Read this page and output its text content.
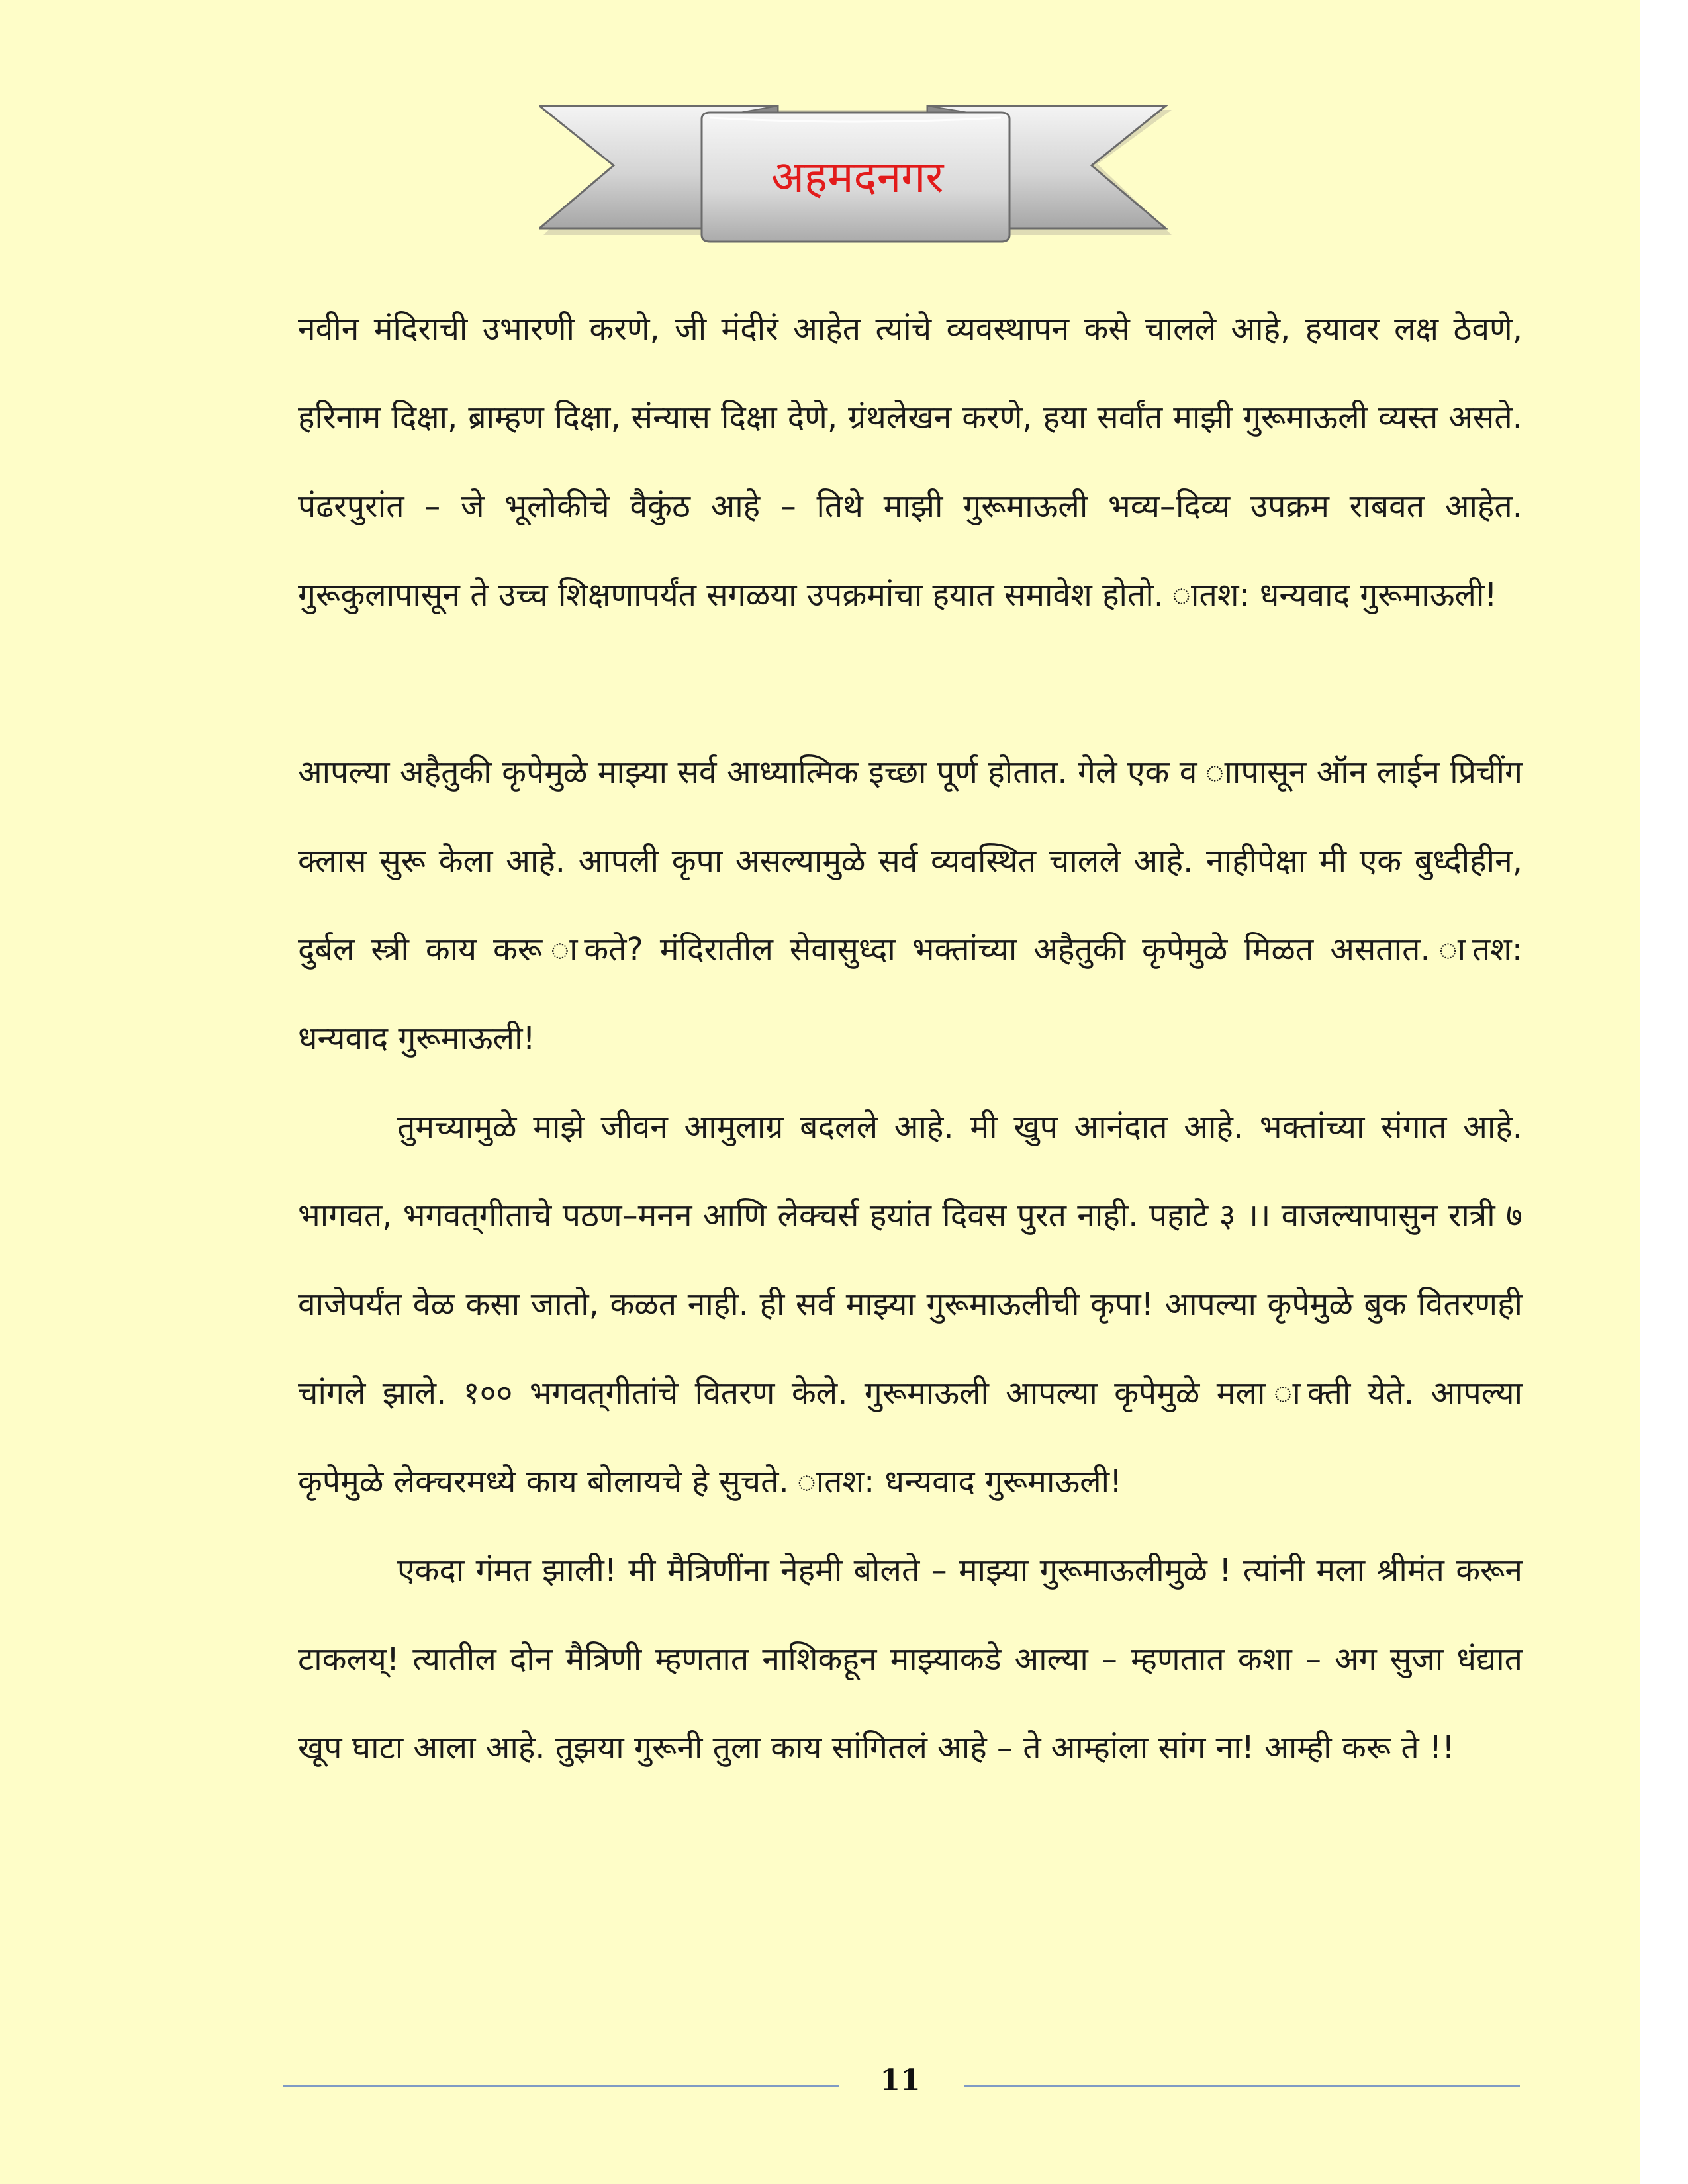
अहमदनगर

नवीन मंदिराची उभारणी करणे, जी मंदीरं आहेत त्यांचे व्यवस्थापन कसे चालले आहे, हयावर लक्ष ठेवणे, हरिनाम दिक्षा, ब्राम्हण दिक्षा, संन्यास दिक्षा देणे, ग्रंथलेखन करणे, हया सर्वांत माझी गुरूमाऊली व्यस्त असते. पंढरपुरांत – जे भूलोकीचे वैकुंठ आहे – तिथे माझी गुरूमाऊली भव्य–दिव्य उपक्रम राबवत आहेत. गुरूकुलापासून ते उच्च शिक्षणापर्यंत सगळया उपक्रमांचा हयात समावेश होतो. ातश: धन्यवाद गुरूमाऊली!

आपल्या अहैतुकी कृपेमुळे माझ्या सर्व आध्यात्मिक इच्छा पूर्ण होतात. गेले एक व ाापासून ऑन लाईन प्रिचींग क्लास सुरू केला आहे. आपली कृपा असल्यामुळे सर्व व्यवस्थित चालले आहे. नाहीपेक्षा मी एक बुध्दीहीन, दुर्बल स्त्री काय करू ाकते? मंदिरातील सेवासुध्दा भक्तांच्या अहैतुकी कृपेमुळे मिळत असतात. ातश: धन्यवाद गुरूमाऊली!

तुमच्यामुळे माझे जीवन आमुलाग्र बदलले आहे. मी खुप आनंदात आहे. भक्तांच्या संगात आहे. भागवत, भगवत्‌गीताचे पठण–मनन आणि लेक्चर्स हयांत दिवस पुरत नाही. पहाटे ३ ।। वाजल्यापासुन रात्री ७ वाजेपर्यंत वेळ कसा जातो, कळत नाही. ही सर्व माझ्या गुरूमाऊलीची कृपा! आपल्या कृपेमुळे बुक वितरणही चांगले झाले. १०० भगवत्‌गीतांचे वितरण केले. गुरूमाऊली आपल्या कृपेमुळे मला ाक्ती येते. आपल्या कृपेमुळे लेक्चरमध्ये काय बोलायचे हे सुचते. ातश: धन्यवाद गुरूमाऊली!

एकदा गंमत झाली! मी मैत्रिणींना नेहमी बोलते – माझ्या गुरूमाऊलीमुळे ! त्यांनी मला श्रीमंत करून टाकलय्! त्यातील दोन मैत्रिणी म्हणतात नाशिकहून माझ्याकडे आल्या – म्हणतात कशा – अग सुजा धंद्यात खूप घाटा आला आहे. तुझया गुरूनी तुला काय सांगितलं आहे – ते आम्हांला सांग ना! आम्ही करू ते !!

11
